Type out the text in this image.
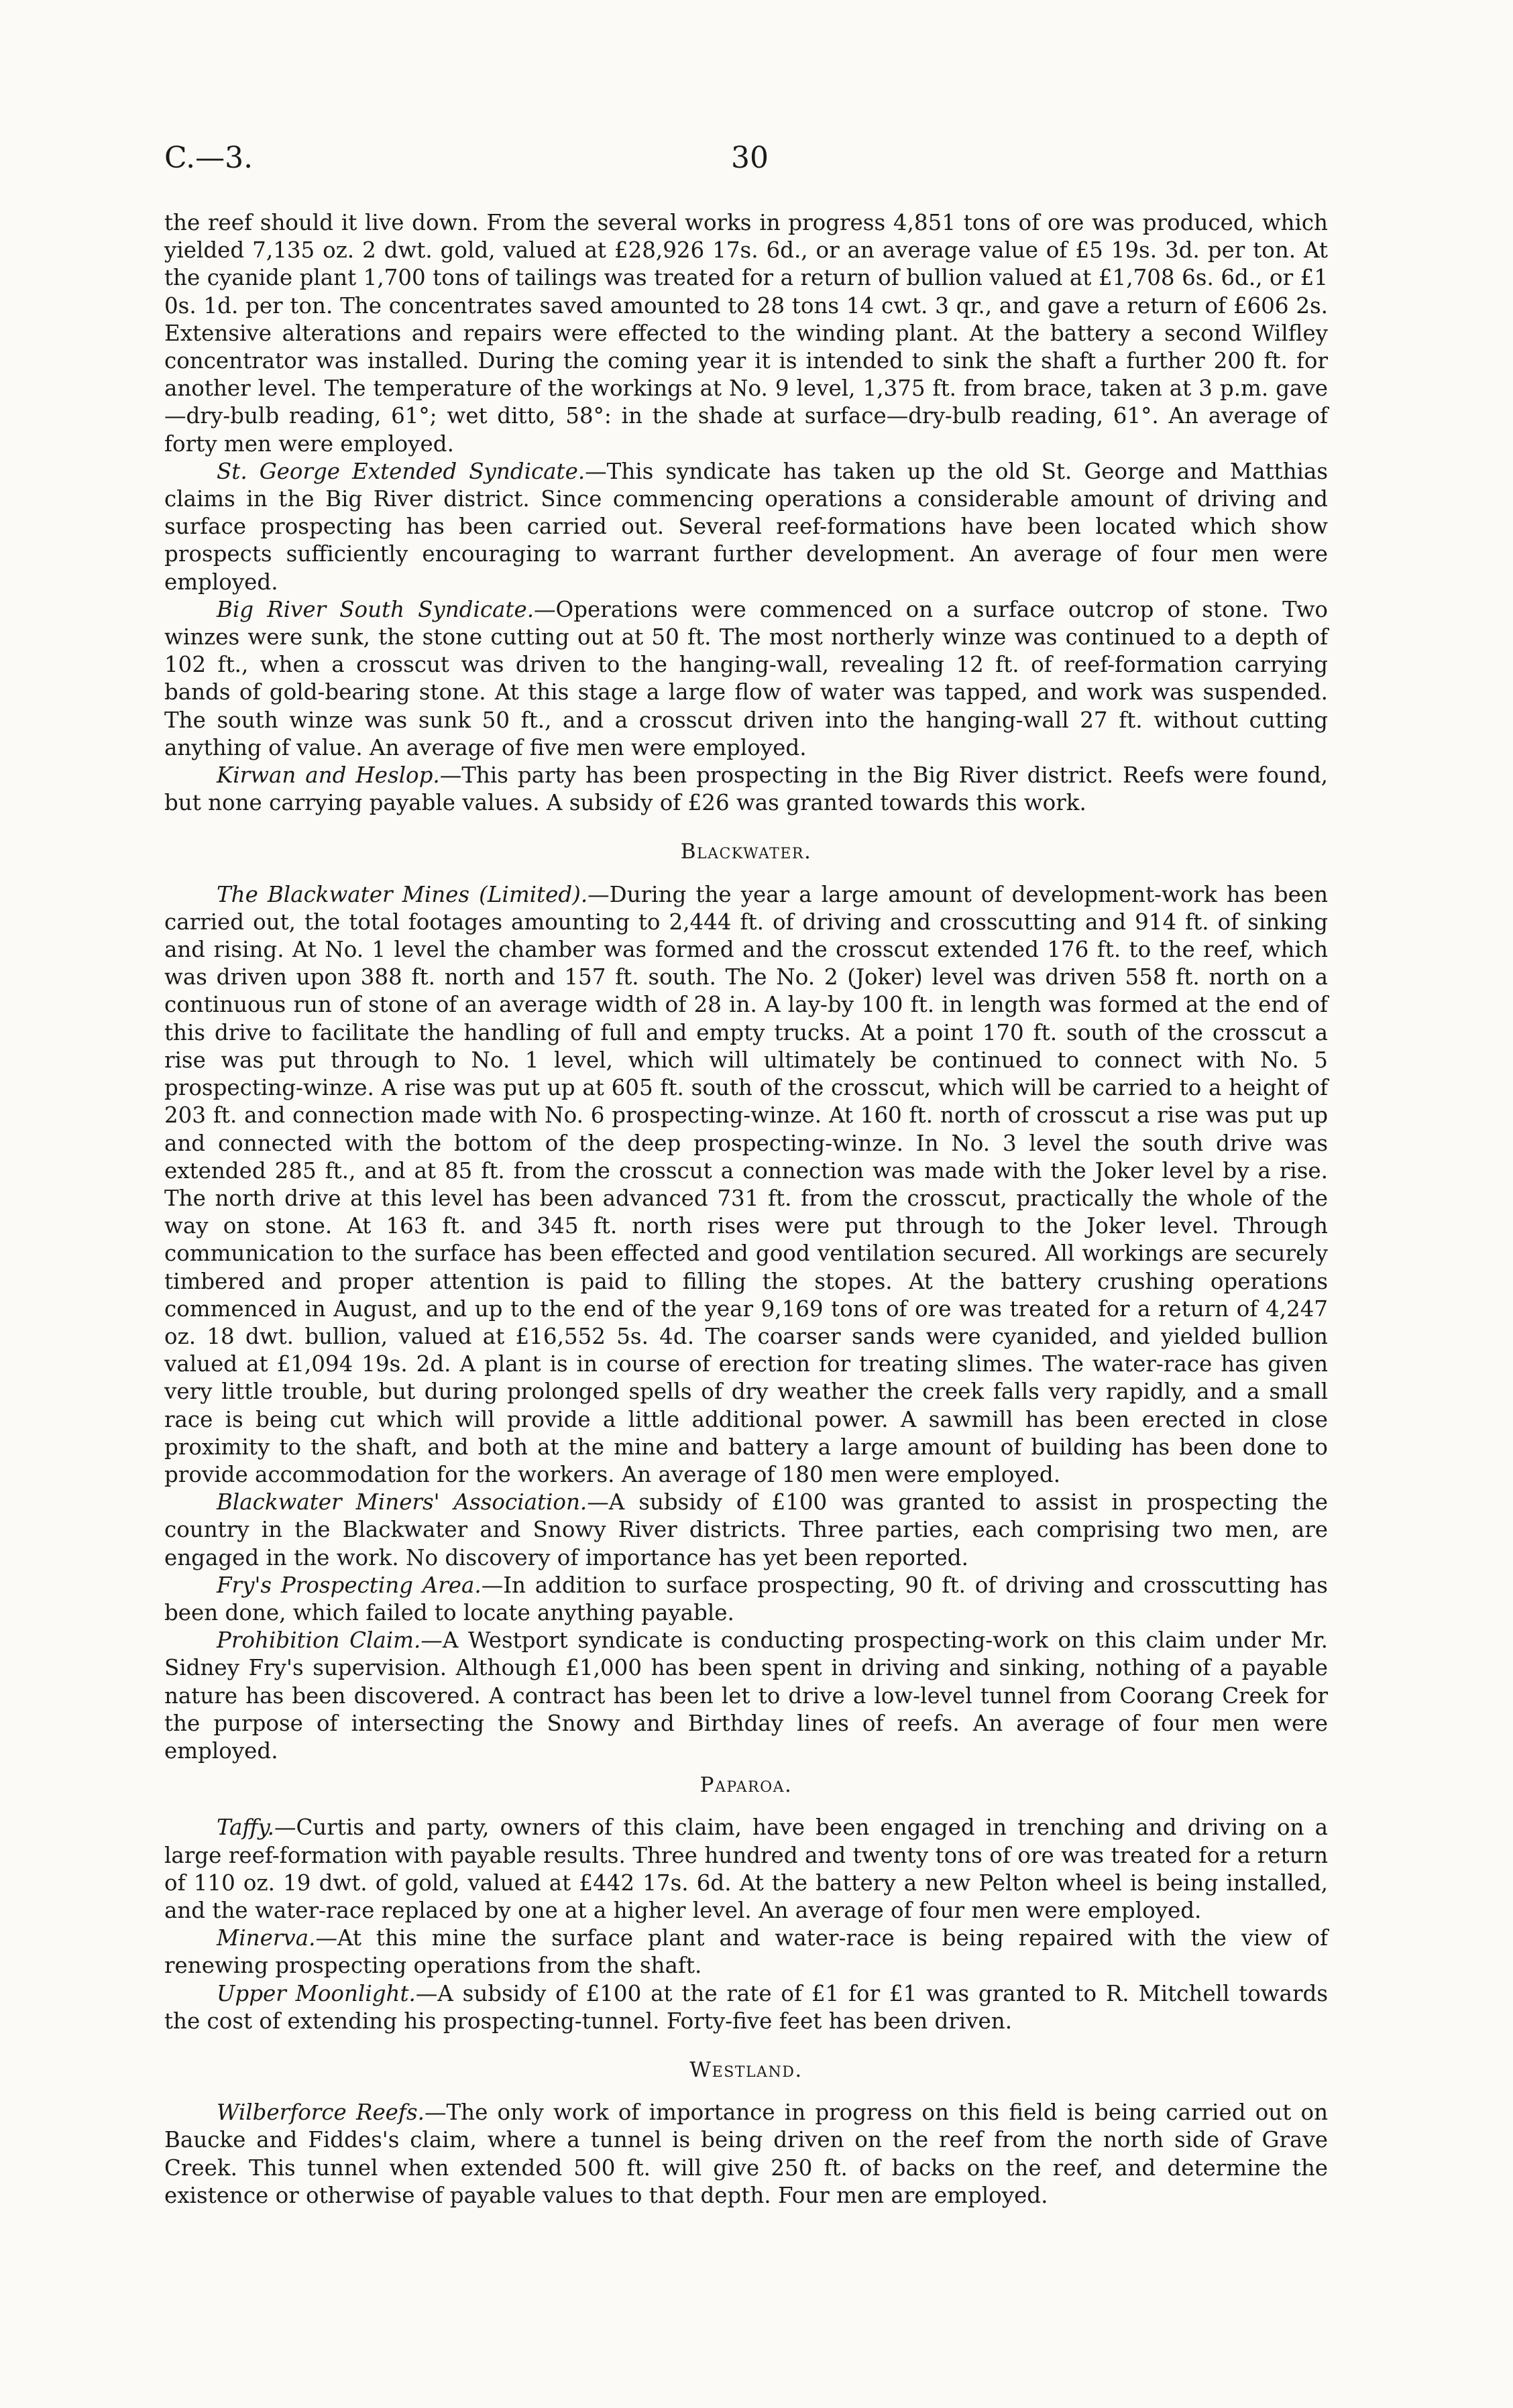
C.—3.	30

the reef should it live down. From the several works in progress 4,851 tons of ore was produced, which yielded 7,135 oz. 2 dwt. gold, valued at £28,926 17s. 6d., or an average value of £5 19s. 3d. per ton. At the cyanide plant 1,700 tons of tailings was treated for a return of bullion valued at £1,708 6s. 6d., or £1 0s. 1d. per ton. The concentrates saved amounted to 28 tons 14 cwt. 3 qr., and gave a return of £606 2s. Extensive alterations and repairs were effected to the winding plant. At the battery a second Wilfley concentrator was installed. During the coming year it is intended to sink the shaft a further 200 ft. for another level. The temperature of the workings at No. 9 level, 1,375 ft. from brace, taken at 3 p.m. gave—dry-bulb reading, 61°; wet ditto, 58°: in the shade at surface—dry-bulb reading, 61°. An average of forty men were employed.

St. George Extended Syndicate.—This syndicate has taken up the old St. George and Matthias claims in the Big River district. Since commencing operations a considerable amount of driving and surface prospecting has been carried out. Several reef-formations have been located which show prospects sufficiently encouraging to warrant further development. An average of four men were employed.

Big River South Syndicate.—Operations were commenced on a surface outcrop of stone. Two winzes were sunk, the stone cutting out at 50 ft. The most northerly winze was continued to a depth of 102 ft., when a crosscut was driven to the hanging-wall, revealing 12 ft. of reef-formation carrying bands of gold-bearing stone. At this stage a large flow of water was tapped, and work was suspended. The south winze was sunk 50 ft., and a crosscut driven into the hanging-wall 27 ft. without cutting anything of value. An average of five men were employed.

Kirwan and Heslop.—This party has been prospecting in the Big River district. Reefs were found, but none carrying payable values. A subsidy of £26 was granted towards this work.

Blackwater.

The Blackwater Mines (Limited).—During the year a large amount of development-work has been carried out, the total footages amounting to 2,444 ft. of driving and crosscutting and 914 ft. of sinking and rising. At No. 1 level the chamber was formed and the crosscut extended 176 ft. to the reef, which was driven upon 388 ft. north and 157 ft. south. The No. 2 (Joker) level was driven 558 ft. north on a continuous run of stone of an average width of 28 in. A lay-by 100 ft. in length was formed at the end of this drive to facilitate the handling of full and empty trucks. At a point 170 ft. south of the crosscut a rise was put through to No. 1 level, which will ultimately be continued to connect with No. 5 prospecting-winze. A rise was put up at 605 ft. south of the crosscut, which will be carried to a height of 203 ft. and connection made with No. 6 prospecting-winze. At 160 ft. north of crosscut a rise was put up and connected with the bottom of the deep prospecting-winze. In No. 3 level the south drive was extended 285 ft., and at 85 ft. from the crosscut a connection was made with the Joker level by a rise. The north drive at this level has been advanced 731 ft. from the crosscut, practically the whole of the way on stone. At 163 ft. and 345 ft. north rises were put through to the Joker level. Through communication to the surface has been effected and good ventilation secured. All workings are securely timbered and proper attention is paid to filling the stopes. At the battery crushing operations commenced in August, and up to the end of the year 9,169 tons of ore was treated for a return of 4,247 oz. 18 dwt. bullion, valued at £16,552 5s. 4d. The coarser sands were cyanided, and yielded bullion valued at £1,094 19s. 2d. A plant is in course of erection for treating slimes. The water-race has given very little trouble, but during prolonged spells of dry weather the creek falls very rapidly, and a small race is being cut which will provide a little additional power. A sawmill has been erected in close proximity to the shaft, and both at the mine and battery a large amount of building has been done to provide accommodation for the workers. An average of 180 men were employed.

Blackwater Miners' Association.—A subsidy of £100 was granted to assist in prospecting the country in the Blackwater and Snowy River districts. Three parties, each comprising two men, are engaged in the work. No discovery of importance has yet been reported.

Fry's Prospecting Area.—In addition to surface prospecting, 90 ft. of driving and crosscutting has been done, which failed to locate anything payable.

Prohibition Claim.—A Westport syndicate is conducting prospecting-work on this claim under Mr. Sidney Fry's supervision. Although £1,000 has been spent in driving and sinking, nothing of a payable nature has been discovered. A contract has been let to drive a low-level tunnel from Coorang Creek for the purpose of intersecting the Snowy and Birthday lines of reefs. An average of four men were employed.

Paparoa.

Taffy.—Curtis and party, owners of this claim, have been engaged in trenching and driving on a large reef-formation with payable results. Three hundred and twenty tons of ore was treated for a return of 110 oz. 19 dwt. of gold, valued at £442 17s. 6d. At the battery a new Pelton wheel is being installed, and the water-race replaced by one at a higher level. An average of four men were employed.

Minerva.—At this mine the surface plant and water-race is being repaired with the view of renewing prospecting operations from the shaft.

Upper Moonlight.—A subsidy of £100 at the rate of £1 for £1 was granted to R. Mitchell towards the cost of extending his prospecting-tunnel. Forty-five feet has been driven.

Westland.

Wilberforce Reefs.—The only work of importance in progress on this field is being carried out on Baucke and Fiddes's claim, where a tunnel is being driven on the reef from the north side of Grave Creek. This tunnel when extended 500 ft. will give 250 ft. of backs on the reef, and determine the existence or otherwise of payable values to that depth. Four men are employed.
